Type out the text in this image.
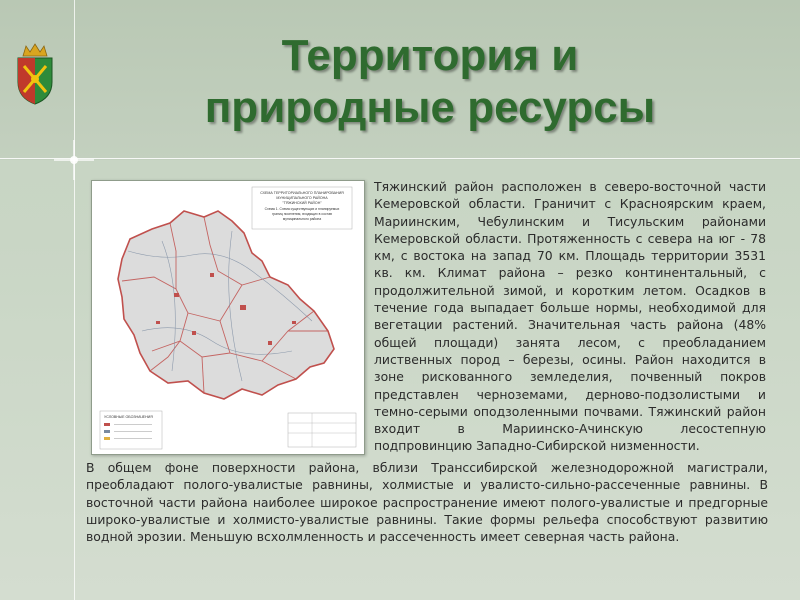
Территория и
природные ресурсы
СХЕМА ТЕРРИТОРИАЛЬНОГО ПЛАНИРОВАНИЯ
МУНИЦИПАЛЬНОГО РАЙОНА
"ТЯЖИНСКИЙ РАЙОН"
Схема 1. Схема существующих и планируемых
границ поселения, входящих в состав
муниципального района
УСЛОВНЫЕ ОБОЗНАЧЕНИЯ
Тяжинский район расположен в северо-восточной части Кемеровской области. Граничит с Красноярским краем, Мариинским, Чебулинским и Тисульским районами Кемеровской области. Протяженность с севера на юг - 78 км, с востока на запад 70 км. Площадь территории 3531 кв. км. Климат района – резко континентальный, с продолжительной зимой, и коротким летом. Осадков в течение года выпадает больше нормы, необходимой для вегетации растений. Значительная часть района (48% общей площади) занята лесом, с преобладанием лиственных пород – березы, осины. Район находится в зоне рискованного земледелия, почвенный покров представлен черноземами, дерново-подзолистыми и темно-серыми оподзоленными почвами. Тяжинский район входит в Мариинско-Ачинскую лесостепную подпровинцию Западно-Сибирской низменности.
В общем фоне поверхности района, вблизи Транссибирской железнодорожной магистрали, преобладают полого-увалистые равнины, холмистые и увалисто-сильно-рассеченные равнины. В восточной части района наиболее широкое распространение имеют полого-увалистые и предгорные широко-увалистые и холмисто-увалистые равнины. Такие формы рельефа способствуют развитию водной эрозии. Меньшую всхолмленность и рассеченность имеет северная часть района.
